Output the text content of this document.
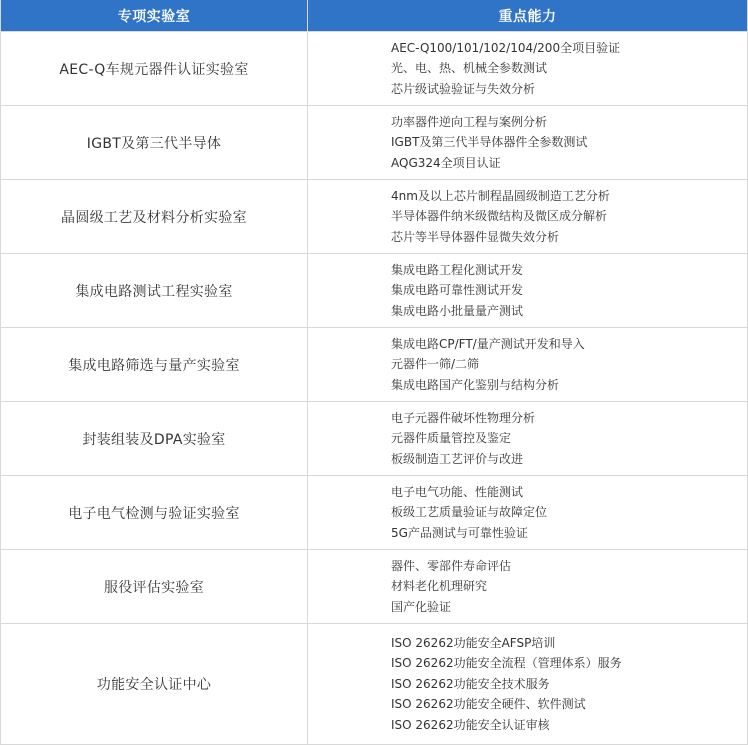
专项实验室	重点能力
AEC-Q车规元器件认证实验室	AEC-Q100/101/102/104/200全项目验证
光、电、热、机械全参数测试
芯片级试验验证与失效分析

IGBT及第三代半导体	功率器件逆向工程与案例分析
IGBT及第三代半导体器件全参数测试
AQG324全项目认证

晶圆级工艺及材料分析实验室	4nm及以上芯片制程晶圆级制造工艺分析
半导体器件纳米级微结构及微区成分解析
芯片等半导体器件显微失效分析

集成电路测试工程实验室	集成电路工程化测试开发
集成电路可靠性测试开发
集成电路小批量量产测试

集成电路筛选与量产实验室	集成电路CP/FT/量产测试开发和导入
元器件一筛/二筛
集成电路国产化鉴别与结构分析

封装组装及DPA实验室	电子元器件破坏性物理分析
元器件质量管控及鉴定
板级制造工艺评价与改进

电子电气检测与验证实验室	电子电气功能、性能测试
板级工艺质量验证与故障定位
5G产品测试与可靠性验证

服役评估实验室	器件、零部件寿命评估
材料老化机理研究
国产化验证

功能安全认证中心	ISO 26262功能安全AFSP培训
ISO 26262功能安全流程（管理体系）服务
ISO 26262功能安全技术服务
ISO 26262功能安全硬件、软件测试
ISO 26262功能安全认证审核
